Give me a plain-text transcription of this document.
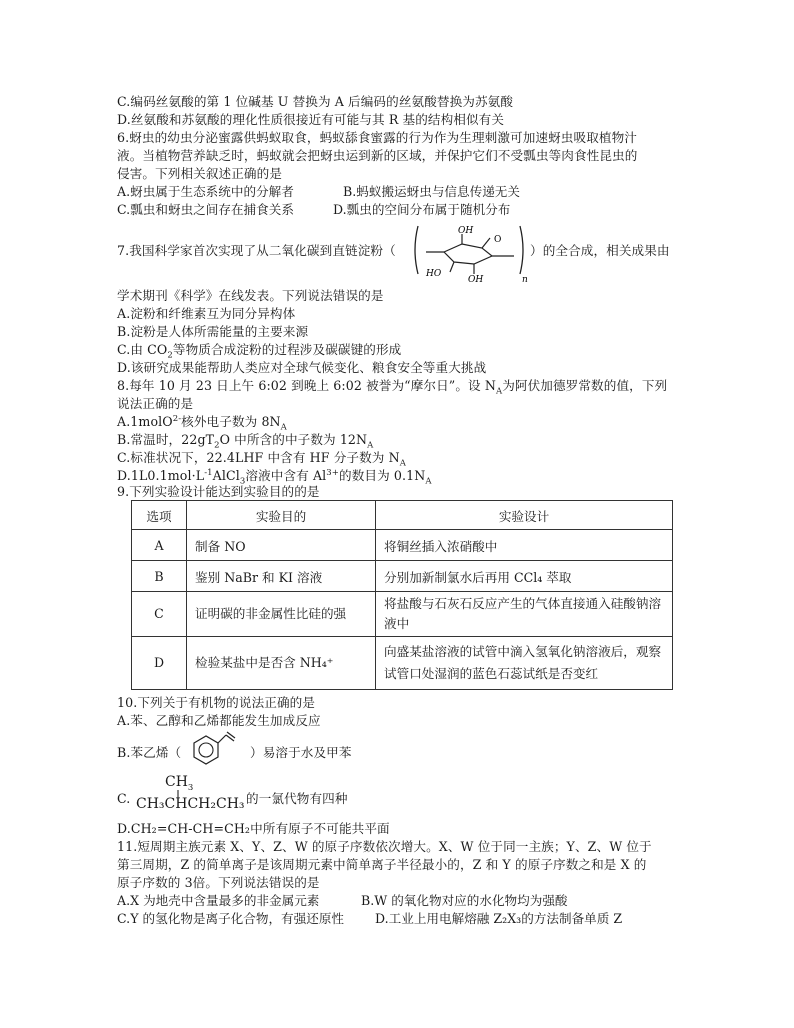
C.编码丝氨酸的第 1 位碱基 U 替换为 A 后编码的丝氨酸替换为苏氨酸
D.丝氨酸和苏氨酸的理化性质很接近有可能与其 R 基的结构相似有关
6.蚜虫的幼虫分泌蜜露供蚂蚁取食，蚂蚁舔食蜜露的行为作为生理刺激可加速蚜虫吸取植物汁
液。当植物营养缺乏时，蚂蚁就会把蚜虫运到新的区域，并保护它们不受瓢虫等肉食性昆虫的
侵害。下列相关叙述正确的是
A.蚜虫属于生态系统中的分解者	B.蚂蚁搬运蚜虫与信息传递无关
C.瓢虫和蚜虫之间存在捕食关系	D.瓢虫的空间分布属于随机分布
7.我国科学家首次实现了从二氧化碳到直链淀粉（
OH
HO
OH
O
n
）的全合成，相关成果由
学术期刊《科学》在线发表。下列说法错误的是
A.淀粉和纤维素互为同分异构体
B.淀粉是人体所需能量的主要来源
C.由 $CO_2$等物质合成淀粉的过程涉及碳碳键的形成
D.该研究成果能帮助人类应对全球气候变化、粮食安全等重大挑战
8.每年 10 月 23 日上午 6:02 到晚上 6:02 被誉为“摩尔日”。设 $N_A$为阿伏加德罗常数的值，下列
说法正确的是
A.1molO$^{2-}$核外电子数为 $8N_A$
B.常温时，$22gT_2O$ 中所含的中子数为 $12N_A$
C.标准状况下，22.4LHF 中含有 HF 分子数为 $N_A$
$D.1L0.1mol\cdot L^{-1}AlCl_3$溶液中含有 $Al^{3+}$的数目为 $0.1N_A$
9.下列实验设计能达到实验目的的是
选项	实验目的	实验设计
A	制备 NO	将铜丝插入浓硝酸中
B	鉴别 NaBr 和 KI 溶液	分别加新制氯水后再用 CCl₄ 萃取
C	证明碳的非金属性比硅的强	将盐酸与石灰石反应产生的气体直接通入硅酸钠溶液中
D	检验某盐中是否含 NH₄⁺	向盛某盐溶液的试管中滴入氢氧化钠溶液后，观察试管口处湿润的蓝色石蕊试纸是否变红
10.下列关于有机物的说法正确的是
A.苯、乙醇和乙烯都能发生加成反应
B.苯乙烯（	）易溶于水及甲苯
C.
$CH_3$
CH₃CHCH₂CH₃ 的一氯代物有四种
D.CH₂=CH-CH=CH₂中所有原子不可能共平面
11.短周期主族元素 X、Y、Z、W 的原子序数依次增大。X、W 位于同一主族；Y、Z、W 位于
第三周期，Z 的简单离子是该周期元素中简单离子半径最小的，Z 和 Y 的原子序数之和是 X 的
原子序数的 3倍。下列说法错误的是
A.X 为地壳中含量最多的非金属元素	B.W 的氧化物对应的水化物均为强酸
C.Y 的氢化物是离子化合物，有强还原性 D.工业上用电解熔融 Z₂X₃的方法制备单质 Z
